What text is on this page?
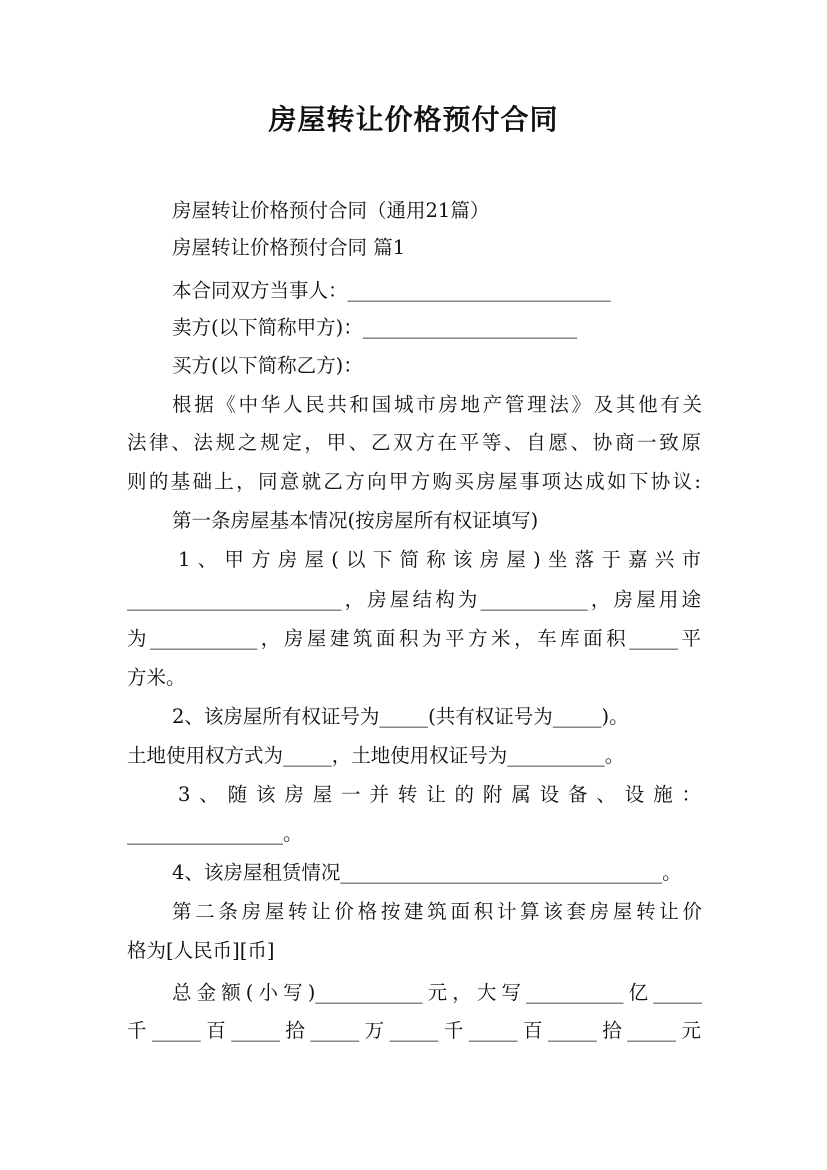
房屋转让价格预付合同
房屋转让价格预付合同（通用21篇）
房屋转让价格预付合同 篇1
本合同双方当事人：___________________________
卖方(以下简称甲方)：______________________
买方(以下简称乙方)：
根据《中华人民共和国城市房地产管理法》及其他有关
法律、法规之规定，甲、乙双方在平等、自愿、协商一致原
则的基础上，同意就乙方向甲方购买房屋事项达成如下协议:
第一条房屋基本情况(按房屋所有权证填写)
1、甲方房屋(以下简称该房屋)坐落于嘉兴市
______________________，房屋结构为___________，房屋用途
为___________，房屋建筑面积为平方米，车库面积_____平
方米。
2、该房屋所有权证号为_____(共有权证号为_____)。
土地使用权方式为_____，土地使用权证号为__________。
3、随该房屋一并转让的附属设备、设施：
________________。
4、该房屋租赁情况_________________________________。
第二条房屋转让价格按建筑面积计算该套房屋转让价
格为[人民币][币]
总金额(小写)___________元，大写__________亿_____
千_____百_____拾_____万_____千_____百_____拾_____元
